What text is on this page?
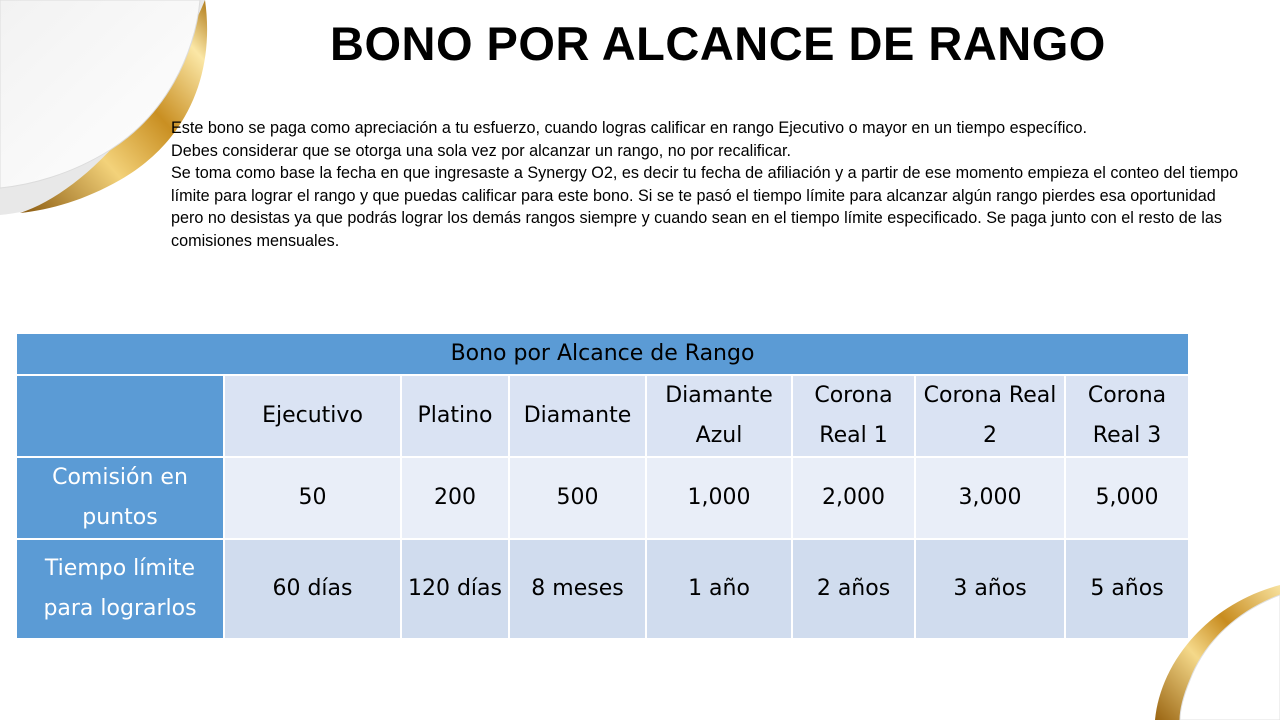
BONO POR ALCANCE DE RANGO

Este bono se paga como apreciación a tu esfuerzo, cuando logras calificar en rango Ejecutivo o mayor en un tiempo específico.

Debes considerar que se otorga una sola vez por alcanzar un rango, no por recalificar.

Se toma como base la fecha en que ingresaste a Synergy O2, es decir tu fecha de afiliación y a partir de ese momento empieza el conteo del tiempo límite para lograr el rango y que puedas calificar para este bono. Si se te pasó el tiempo límite para alcanzar algún rango pierdes esa oportunidad pero no desistas ya que podrás lograr los demás rangos siempre y cuando sean en el tiempo límite especificado. Se paga junto con el resto de las comisiones mensuales.

Bono por Alcance de Rango							
	Ejecutivo	Platino	Diamante	Diamante Azul	Corona Real 1	Corona Real 2	Corona Real 3
Comisión en puntos	50	200	500	1,000	2,000	3,000	5,000
Tiempo límite para lograrlos	60 días	120 días	8 meses	1 año	2 años	3 años	5 años
